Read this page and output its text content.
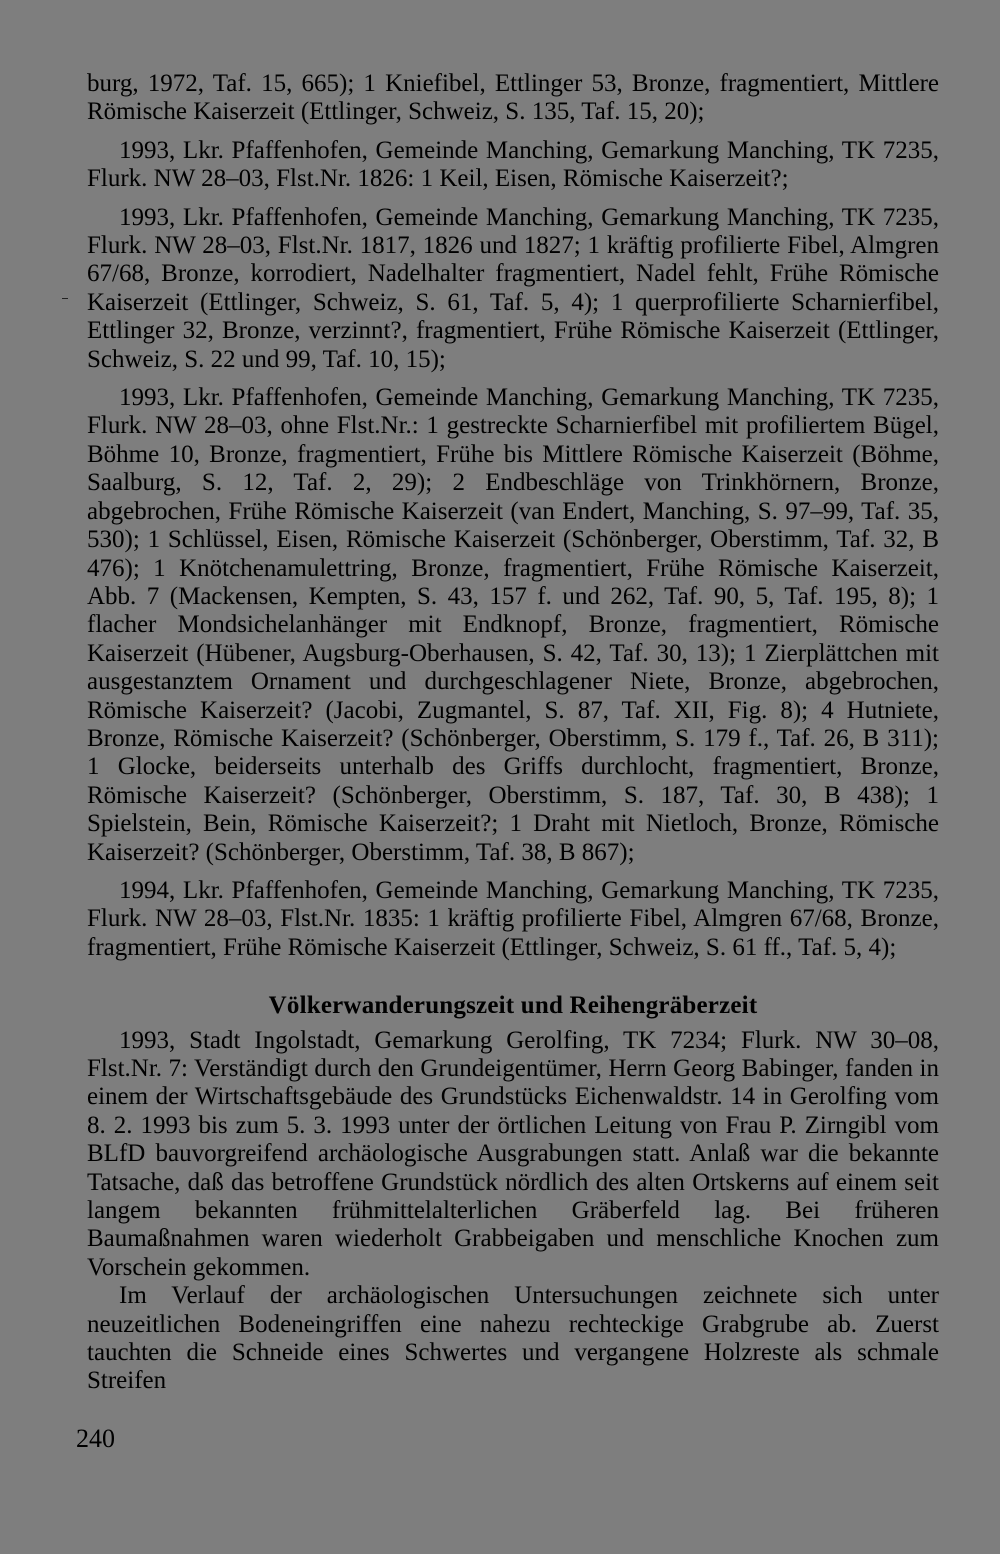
burg, 1972, Taf. 15, 665); 1 Kniefibel, Ettlinger 53, Bronze, fragmentiert, Mittlere Römische Kaiserzeit (Ettlinger, Schweiz, S. 135, Taf. 15, 20);

1993, Lkr. Pfaffenhofen, Gemeinde Manching, Gemarkung Manching, TK 7235, Flurk. NW 28–03, Flst.Nr. 1826: 1 Keil, Eisen, Römische Kaiserzeit?;

1993, Lkr. Pfaffenhofen, Gemeinde Manching, Gemarkung Manching, TK 7235, Flurk. NW 28–03, Flst.Nr. 1817, 1826 und 1827; 1 kräftig profilierte Fibel, Almgren 67/68, Bronze, korrodiert, Nadelhalter fragmentiert, Nadel fehlt, Frühe Römische Kaiserzeit (Ettlinger, Schweiz, S. 61, Taf. 5, 4); 1 querprofilierte Scharnierfibel, Ettlinger 32, Bronze, verzinnt?, fragmentiert, Frühe Römische Kaiserzeit (Ettlinger, Schweiz, S. 22 und 99, Taf. 10, 15);

1993, Lkr. Pfaffenhofen, Gemeinde Manching, Gemarkung Manching, TK 7235, Flurk. NW 28–03, ohne Flst.Nr.: 1 gestreckte Scharnierfibel mit profiliertem Bügel, Böhme 10, Bronze, fragmentiert, Frühe bis Mittlere Römische Kaiserzeit (Böhme, Saalburg, S. 12, Taf. 2, 29); 2 Endbeschläge von Trinkhörnern, Bronze, abgebrochen, Frühe Römische Kaiserzeit (van Endert, Manching, S. 97–99, Taf. 35, 530); 1 Schlüssel, Eisen, Römische Kaiserzeit (Schönberger, Oberstimm, Taf. 32, B 476); 1 Knötchenamulettring, Bronze, fragmentiert, Frühe Römische Kaiserzeit, Abb. 7 (Mackensen, Kempten, S. 43, 157 f. und 262, Taf. 90, 5, Taf. 195, 8); 1 flacher Mondsichelanhänger mit Endknopf, Bronze, fragmentiert, Römische Kaiserzeit (Hübener, Augsburg-Oberhausen, S. 42, Taf. 30, 13); 1 Zierplättchen mit ausgestanztem Ornament und durchgeschlagener Niete, Bronze, abgebrochen, Römische Kaiserzeit? (Jacobi, Zugmantel, S. 87, Taf. XII, Fig. 8); 4 Hutniete, Bronze, Römische Kaiserzeit? (Schönberger, Oberstimm, S. 179 f., Taf. 26, B 311); 1 Glocke, beiderseits unterhalb des Griffs durchlocht, fragmentiert, Bronze, Römische Kaiserzeit? (Schönberger, Oberstimm, S. 187, Taf. 30, B 438); 1 Spielstein, Bein, Römische Kaiserzeit?; 1 Draht mit Nietloch, Bronze, Römische Kaiserzeit? (Schönberger, Oberstimm, Taf. 38, B 867);

1994, Lkr. Pfaffenhofen, Gemeinde Manching, Gemarkung Manching, TK 7235, Flurk. NW 28–03, Flst.Nr. 1835: 1 kräftig profilierte Fibel, Almgren 67/68, Bronze, fragmentiert, Frühe Römische Kaiserzeit (Ettlinger, Schweiz, S. 61 ff., Taf. 5, 4);

Völkerwanderungszeit und Reihengräberzeit

1993, Stadt Ingolstadt, Gemarkung Gerolfing, TK 7234; Flurk. NW 30–08, Flst.Nr. 7: Verständigt durch den Grundeigentümer, Herrn Georg Babinger, fanden in einem der Wirtschaftsgebäude des Grundstücks Eichenwaldstr. 14 in Gerolfing vom 8. 2. 1993 bis zum 5. 3. 1993 unter der örtlichen Leitung von Frau P. Zirngibl vom BLfD bauvorgreifend archäologische Ausgrabungen statt. Anlaß war die bekannte Tatsache, daß das betroffene Grundstück nördlich des alten Ortskerns auf einem seit langem bekannten frühmittelalterlichen Gräberfeld lag. Bei früheren Baumaßnahmen waren wiederholt Grabbeigaben und menschliche Knochen zum Vorschein gekommen.

Im Verlauf der archäologischen Untersuchungen zeichnete sich unter neuzeitlichen Bodeneingriffen eine nahezu rechteckige Grabgrube ab. Zuerst tauchten die Schneide eines Schwertes und vergangene Holzreste als schmale Streifen

240
